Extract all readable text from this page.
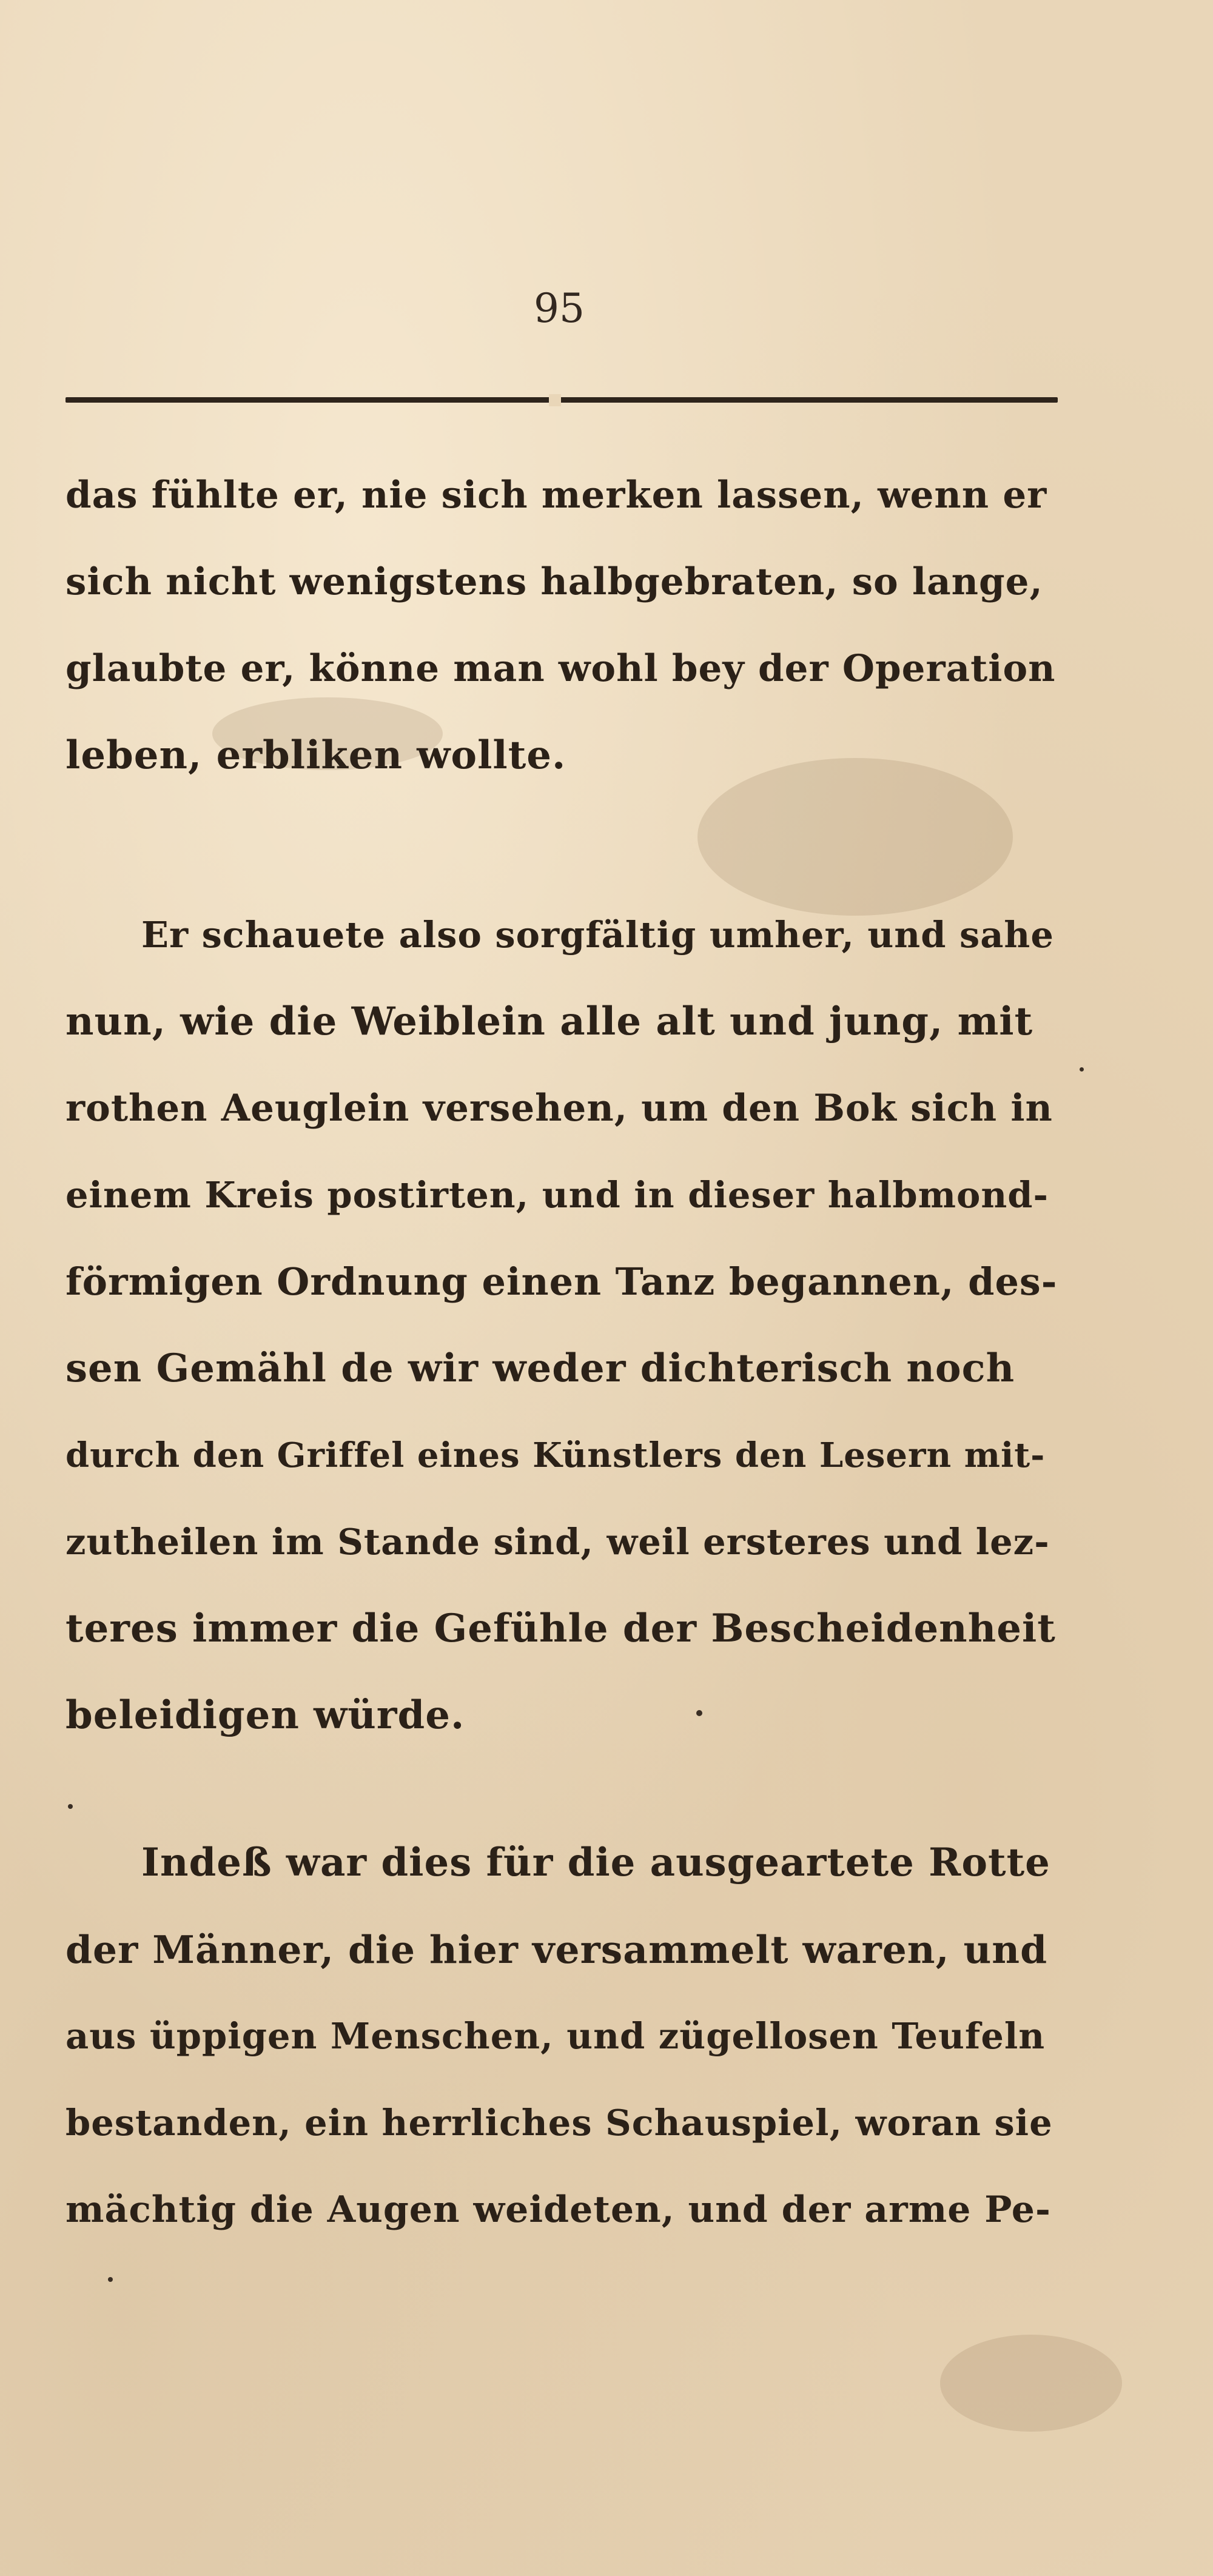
95
das fühlte er, nie sich merken lassen, wenn er
sich nicht wenigstens halbgebraten, so lange,
glaubte er, könne man wohl bey der Operation
leben, erbliken wollte.
Er schauete also sorgfältig umher, und sahe
nun, wie die Weiblein alle alt und jung, mit
rothen Aeuglein versehen, um den Bok sich in
einem Kreis postirten, und in dieser halbmond-
förmigen Ordnung einen Tanz begannen, des-
sen Gemähl de wir weder dichterisch noch
durch den Griffel eines Künstlers den Lesern mit-
zutheilen im Stande sind, weil ersteres und lez-
teres immer die Gefühle der Bescheidenheit
beleidigen würde.
Indeß war dies für die ausgeartete Rotte
der Männer, die hier versammelt waren, und
aus üppigen Menschen, und zügellosen Teufeln
bestanden, ein herrliches Schauspiel, woran sie
mächtig die Augen weideten, und der arme Pe-
